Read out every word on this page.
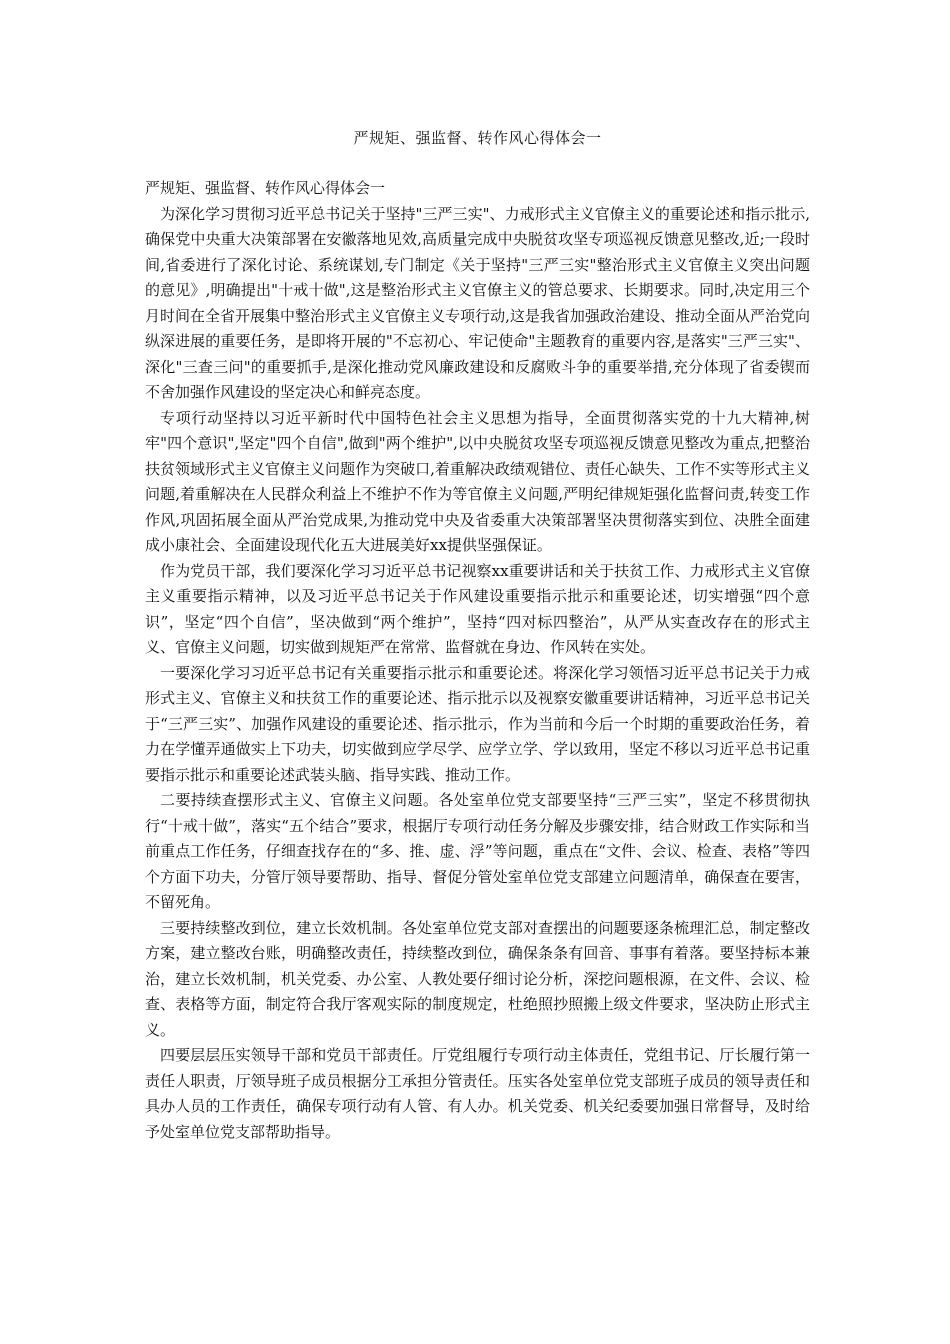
严规矩、强监督、转作风心得体会一

严规矩、强监督、转作风心得体会一

为深化学习贯彻习近平总书记关于坚持"三严三实"、力戒形式主义官僚主义的重要论述和指示批示,确保党中央重大决策部署在安徽落地见效,高质量完成中央脱贫攻坚专项巡视反馈意见整改,近;一段时间,省委进行了深化讨论、系统谋划,专门制定《关于坚持"三严三实"整治形式主义官僚主义突出问题的意见》,明确提出"十戒十做",这是整治形式主义官僚主义的管总要求、长期要求。同时,决定用三个月时间在全省开展集中整治形式主义官僚主义专项行动,这是我省加强政治建设、推动全面从严治党向纵深进展的重要任务，是即将开展的"不忘初心、牢记使命"主题教育的重要内容,是落实"三严三实"、深化"三查三问"的重要抓手,是深化推动党风廉政建设和反腐败斗争的重要举措,充分体现了省委锲而不舍加强作风建设的坚定决心和鲜亮态度。

专项行动坚持以习近平新时代中国特色社会主义思想为指导，全面贯彻落实党的十九大精神,树牢"四个意识",坚定"四个自信",做到"两个维护",以中央脱贫攻坚专项巡视反馈意见整改为重点,把整治扶贫领域形式主义官僚主义问题作为突破口,着重解决政绩观错位、责任心缺失、工作不实等形式主义问题,着重解决在人民群众利益上不维护不作为等官僚主义问题,严明纪律规矩强化监督问责,转变工作作风,巩固拓展全面从严治党成果,为推动党中央及省委重大决策部署坚决贯彻落实到位、决胜全面建成小康社会、全面建设现代化五大进展美好xx提供坚强保证。

作为党员干部，我们要深化学习习近平总书记视察xx重要讲话和关于扶贫工作、力戒形式主义官僚主义重要指示精神，以及习近平总书记关于作风建设重要指示批示和重要论述，切实增强“四个意识”，坚定“四个自信”，坚决做到“两个维护”，坚持“四对标四整治”，从严从实查改存在的形式主义、官僚主义问题，切实做到规矩严在常常、监督就在身边、作风转在实处。

一要深化学习习近平总书记有关重要指示批示和重要论述。将深化学习领悟习近平总书记关于力戒形式主义、官僚主义和扶贫工作的重要论述、指示批示以及视察安徽重要讲话精神，习近平总书记关于“三严三实”、加强作风建设的重要论述、指示批示，作为当前和今后一个时期的重要政治任务，着力在学懂弄通做实上下功夫，切实做到应学尽学、应学立学、学以致用，坚定不移以习近平总书记重要指示批示和重要论述武装头脑、指导实践、推动工作。

二要持续查摆形式主义、官僚主义问题。各处室单位党支部要坚持“三严三实”，坚定不移贯彻执行“十戒十做”，落实“五个结合”要求，根据厅专项行动任务分解及步骤安排，结合财政工作实际和当前重点工作任务，仔细查找存在的“多、推、虚、浮”等问题，重点在“文件、会议、检查、表格”等四个方面下功夫，分管厅领导要帮助、指导、督促分管处室单位党支部建立问题清单，确保查在要害，不留死角。

三要持续整改到位，建立长效机制。各处室单位党支部对查摆出的问题要逐条梳理汇总，制定整改方案，建立整改台账，明确整改责任，持续整改到位，确保条条有回音、事事有着落。要坚持标本兼治，建立长效机制，机关党委、办公室、人教处要仔细讨论分析，深挖问题根源，在文件、会议、检查、表格等方面，制定符合我厅客观实际的制度规定，杜绝照抄照搬上级文件要求，坚决防止形式主义。

四要层层压实领导干部和党员干部责任。厅党组履行专项行动主体责任，党组书记、厅长履行第一责任人职责，厅领导班子成员根据分工承担分管责任。压实各处室单位党支部班子成员的领导责任和具办人员的工作责任，确保专项行动有人管、有人办。机关党委、机关纪委要加强日常督导，及时给予处室单位党支部帮助指导。
